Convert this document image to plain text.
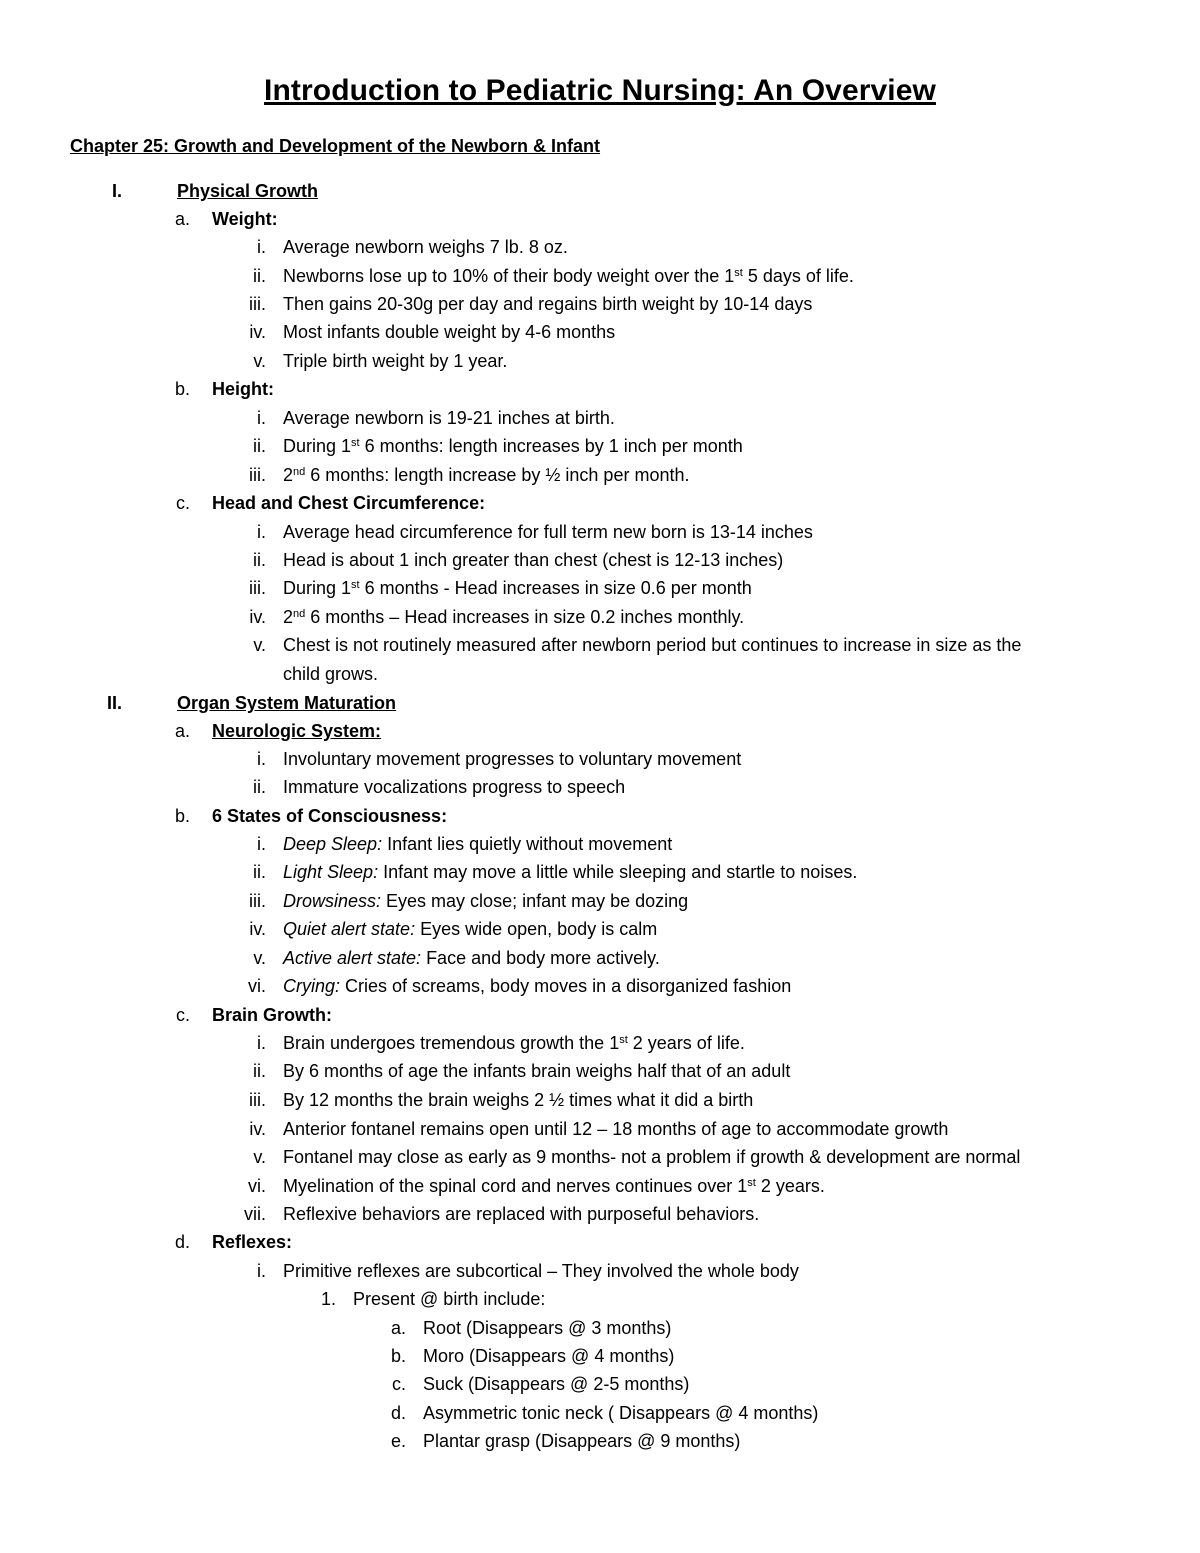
Introduction to Pediatric Nursing: An Overview
Chapter 25: Growth and Development of the Newborn & Infant
I.	Physical Growth
a. Weight:
i. Average newborn weighs 7 lb. 8 oz.
ii. Newborns lose up to 10% of their body weight over the 1st 5 days of life.
iii. Then gains 20-30g per day and regains birth weight by 10-14 days
iv. Most infants double weight by 4-6 months
v. Triple birth weight by 1 year.
b. Height:
i. Average newborn is 19-21 inches at birth.
ii. During 1st 6 months: length increases by 1 inch per month
iii. 2nd 6 months: length increase by ½ inch per month.
c. Head and Chest Circumference:
i. Average head circumference for full term new born is 13-14 inches
ii. Head is about 1 inch greater than chest (chest is 12-13 inches)
iii. During 1st 6 months - Head increases in size 0.6 per month
iv. 2nd 6 months – Head increases in size 0.2 inches monthly.
v. Chest is not routinely measured after newborn period but continues to increase in size as the
child grows.
II.	Organ System Maturation
a. Neurologic System:
i. Involuntary movement progresses to voluntary movement
ii. Immature vocalizations progress to speech
b. 6 States of Consciousness:
i. Deep Sleep: Infant lies quietly without movement
ii. Light Sleep: Infant may move a little while sleeping and startle to noises.
iii. Drowsiness: Eyes may close; infant may be dozing
iv. Quiet alert state: Eyes wide open, body is calm
v. Active alert state: Face and body more actively.
vi. Crying: Cries of screams, body moves in a disorganized fashion
c. Brain Growth:
i. Brain undergoes tremendous growth the 1st 2 years of life.
ii. By 6 months of age the infants brain weighs half that of an adult
iii. By 12 months the brain weighs 2 ½ times what it did a birth
iv. Anterior fontanel remains open until 12 – 18 months of age to accommodate growth
v. Fontanel may close as early as 9 months- not a problem if growth & development are normal
vi. Myelination of the spinal cord and nerves continues over 1st 2 years.
vii. Reflexive behaviors are replaced with purposeful behaviors.
d. Reflexes:
i. Primitive reflexes are subcortical – They involved the whole body
1. Present @ birth include:
a. Root (Disappears @ 3 months)
b. Moro (Disappears @ 4 months)
c. Suck (Disappears @ 2-5 months)
d. Asymmetric tonic neck ( Disappears @ 4 months)
e. Plantar grasp (Disappears @ 9 months)
